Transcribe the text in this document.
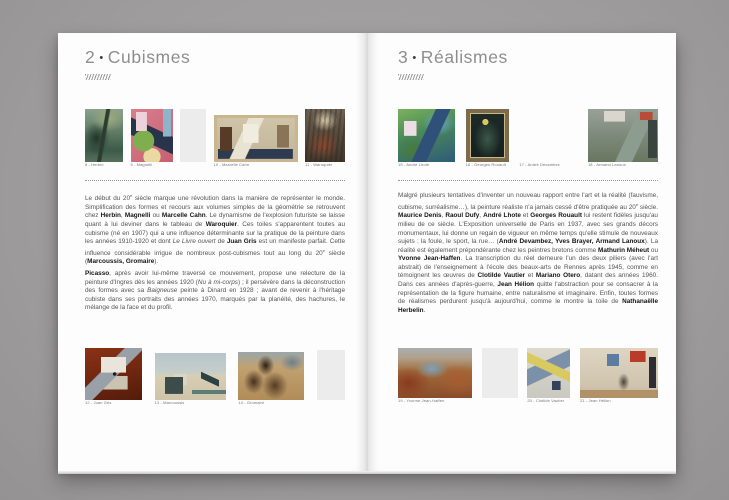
2 • Cubismes
8 - Herbin	9 - Magnelli	10 - Marcelle Cahn	11 - Waroquier

Le début du 20e siècle marque une révolution dans la manière de représenter le monde. Simplification des formes et recours aux volumes simples de la géométrie se retrouvent chez Herbin, Magnelli ou Marcelle Cahn. Le dynamisme de l'explosion futuriste se laisse quant à lui deviner dans le tableau de Waroquier. Ces toiles s'apparentent toutes au cubisme (né en 1907) qui a une influence déterminante sur la pratique de la peinture dans les années 1910-1920 et dont Le Livre ouvert de Juan Gris est un manifeste parfait. Cette influence considérable irrigue de nombreux post-cubismes tout au long du 20e siècle (Marcoussis, Gromaire).

Picasso, après avoir lui-même traversé ce mouvement, propose une relecture de la peinture d'Ingres dès les années 1920 (Nu à mi-corps) ; il persévère dans la déconstruction des formes avec sa Baigneuse peinte à Dinard en 1928 ; avant de revenir à l'héritage cubiste dans ses portraits des années 1970, marqués par la planéité, des hachures, le mélange de la face et du profil.

12 - Juan Gris	13 - Marcoussis	14 - Gromaire
3 • Réalismes
15 - André Lhote	16 - Georges Rouault	17 - André Devambez	18 - Armand Lanoux

Malgré plusieurs tentatives d'inventer un nouveau rapport entre l'art et la réalité (fauvisme, cubisme, surréalisme…), la peinture réaliste n'a jamais cessé d'être pratiquée au 20e siècle. Maurice Denis, Raoul Dufy, André Lhote et Georges Rouault lui restent fidèles jusqu'au milieu de ce siècle. L'Exposition universelle de Paris en 1937, avec ses grands décors monumentaux, lui donne un regain de vigueur en même temps qu'elle stimule de nouveaux sujets : la foule, le sport, la rue… (André Devambez, Yves Brayer, Armand Lanoux). La réalité est également prépondérante chez les peintres bretons comme Mathurin Méheut ou Yvonne Jean-Haffen. La transcription du réel demeure l'un des deux piliers (avec l'art abstrait) de l'enseignement à l'école des beaux-arts de Rennes après 1945, comme en témoignent les œuvres de Clotilde Vautier et Mariano Otero, datant des années 1960. Dans ces années d'après-guerre, Jean Hélion quitte l'abstraction pour se consacrer à la représentation de la figure humaine, entre naturalisme et imaginaire. Enfin, toutes formes de réalismes perdurent jusqu'à aujourd'hui, comme le montre la toile de Nathanaëlle Herbelin.

19 - Yvonne Jean-Haffen	20 - Clotilde Vautier	21 - Jean Hélion
